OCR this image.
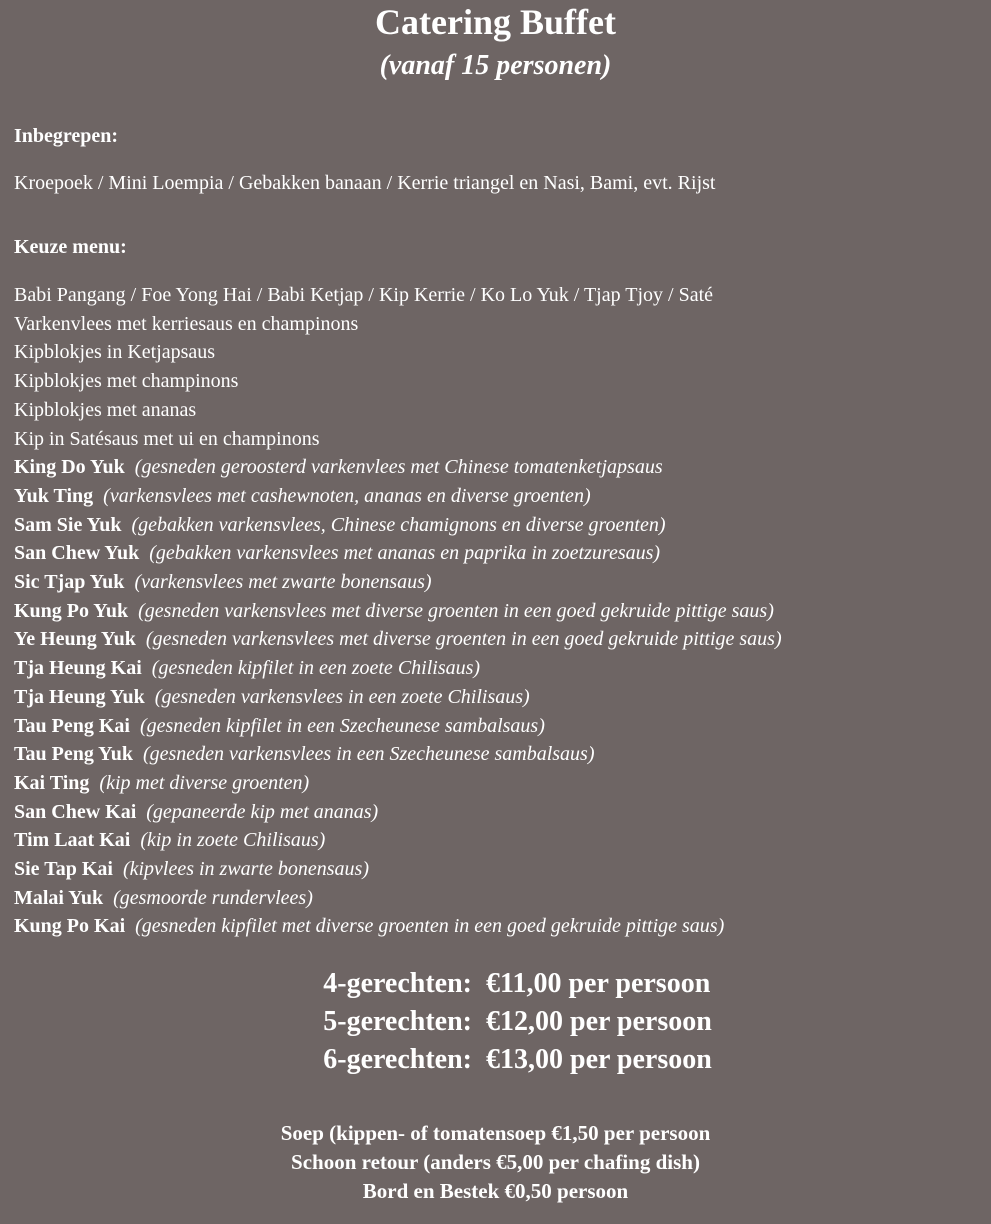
Catering Buffet
(vanaf 15 personen)
Inbegrepen:
Kroepoek / Mini Loempia / Gebakken banaan / Kerrie triangel en Nasi, Bami, evt. Rijst
Keuze menu:
Babi Pangang / Foe Yong Hai / Babi Ketjap / Kip Kerrie / Ko Lo Yuk / Tjap Tjoy / Saté
Varkenvlees met kerriesaus en champinons
Kipblokjes in Ketjapsaus
Kipblokjes met champinons
Kipblokjes met ananas
Kip in Satésaus met ui en champinons
King Do Yuk (gesneden geroosterd varkenvlees met Chinese tomatenketjapsaus
Yuk Ting (varkensvlees met cashewnoten, ananas en diverse groenten)
Sam Sie Yuk (gebakken varkensvlees, Chinese chamignons en diverse groenten)
San Chew Yuk (gebakken varkensvlees met ananas en paprika in zoetzuresaus)
Sic Tjap Yuk (varkensvlees met zwarte bonensaus)
Kung Po Yuk (gesneden varkensvlees met diverse groenten in een goed gekruide pittige saus)
Ye Heung Yuk (gesneden varkensvlees met diverse groenten in een goed gekruide pittige saus)
Tja Heung Kai (gesneden kipfilet in een zoete Chilisaus)
Tja Heung Yuk (gesneden varkensvlees in een zoete Chilisaus)
Tau Peng Kai (gesneden kipfilet in een Szecheunese sambalsaus)
Tau Peng Yuk (gesneden varkensvlees in een Szecheunese sambalsaus)
Kai Ting (kip met diverse groenten)
San Chew Kai (gepaneerde kip met ananas)
Tim Laat Kai (kip in zoete Chilisaus)
Sie Tap Kai (kipvlees in zwarte bonensaus)
Malai Yuk (gesmoorde rundervlees)
Kung Po Kai (gesneden kipfilet met diverse groenten in een goed gekruide pittige saus)
4-gerechten: €11,00 per persoon
5-gerechten: €12,00 per persoon
6-gerechten: €13,00 per persoon
Soep (kippen- of tomatensoep €1,50 per persoon
Schoon retour (anders €5,00 per chafing dish)
Bord en Bestek €0,50 persoon
